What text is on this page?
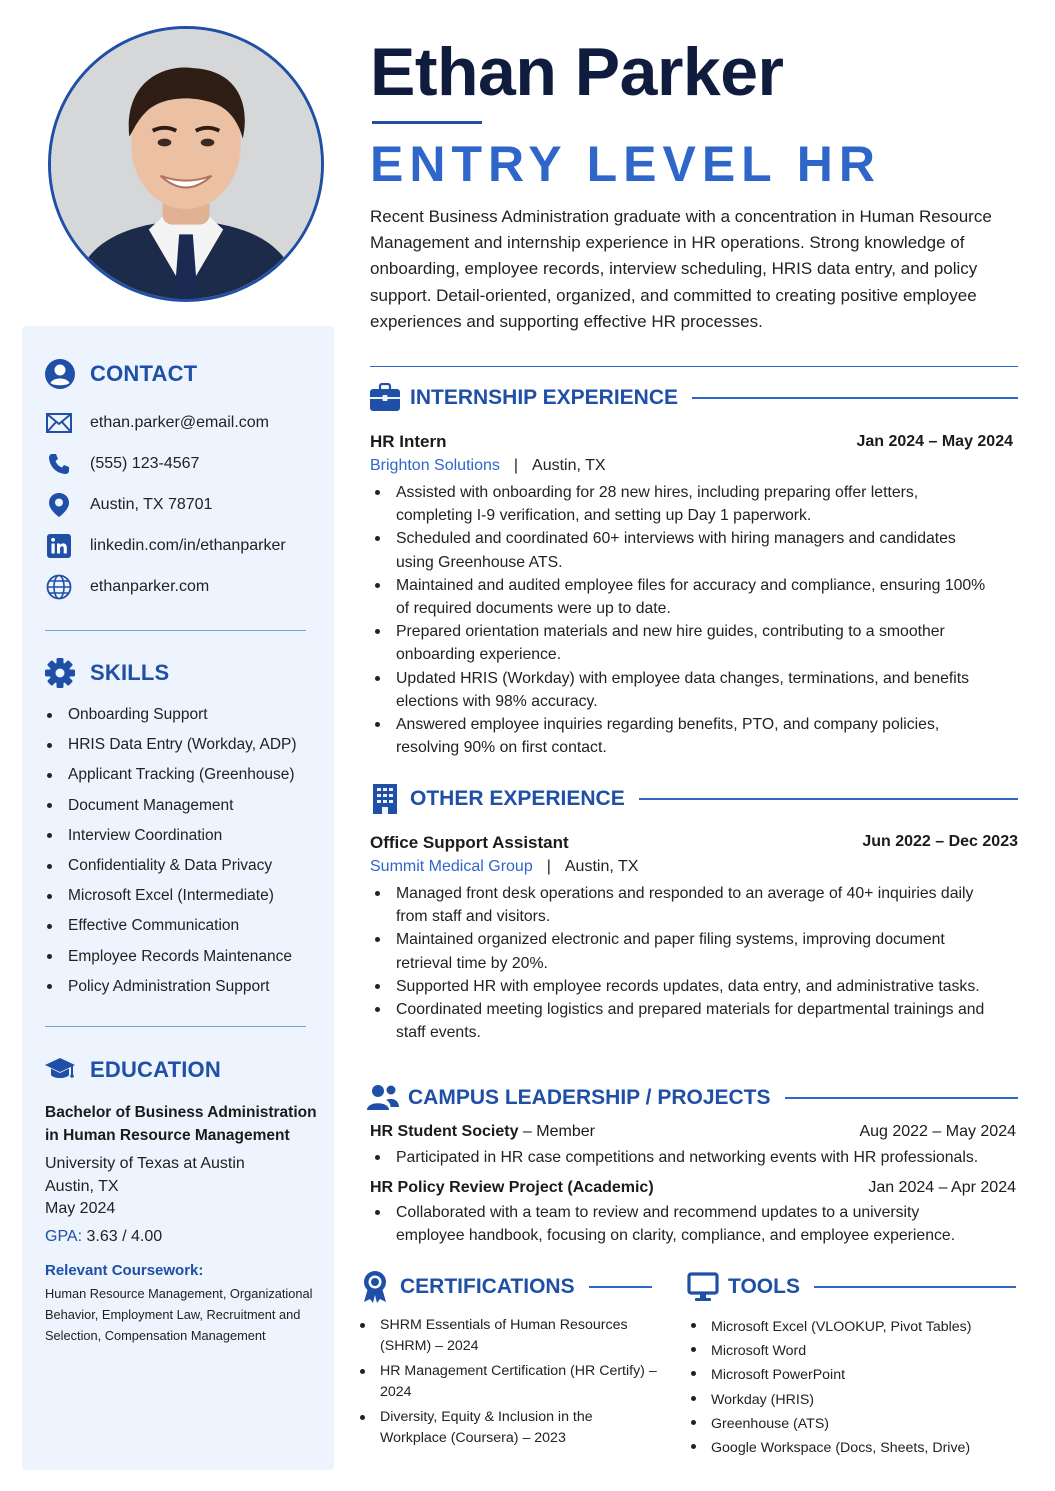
CONTACT
ethan.parker@email.com
(555) 123-4567
Austin, TX 78701
linkedin.com/in/ethanparker
ethanparker.com
SKILLS
Onboarding Support
HRIS Data Entry (Workday, ADP)
Applicant Tracking (Greenhouse)
Document Management
Interview Coordination
Confidentiality & Data Privacy
Microsoft Excel (Intermediate)
Effective Communication
Employee Records Maintenance
Policy Administration Support
EDUCATION
Bachelor of Business Administration in Human Resource Management
University of Texas at Austin
Austin, TX
May 2024
GPA: 3.63 / 4.00
Relevant Coursework:
Human Resource Management, Organizational Behavior, Employment Law, Recruitment and Selection, Compensation Management
Ethan Parker
ENTRY LEVEL HR
Recent Business Administration graduate with a concentration in Human Resource Management and internship experience in HR operations. Strong knowledge of onboarding, employee records, interview scheduling, HRIS data entry, and policy support. Detail-oriented, organized, and committed to creating positive employee experiences and supporting effective HR processes.
INTERNSHIP EXPERIENCE
HR Intern	Jan 2024 – May 2024
Brighton Solutions | Austin, TX
Assisted with onboarding for 28 new hires, including preparing offer letters, completing I-9 verification, and setting up Day 1 paperwork.
Scheduled and coordinated 60+ interviews with hiring managers and candidates using Greenhouse ATS.
Maintained and audited employee files for accuracy and compliance, ensuring 100% of required documents were up to date.
Prepared orientation materials and new hire guides, contributing to a smoother onboarding experience.
Updated HRIS (Workday) with employee data changes, terminations, and benefits elections with 98% accuracy.
Answered employee inquiries regarding benefits, PTO, and company policies, resolving 90% on first contact.
OTHER EXPERIENCE
Office Support Assistant	Jun 2022 – Dec 2023
Summit Medical Group | Austin, TX
Managed front desk operations and responded to an average of 40+ inquiries daily from staff and visitors.
Maintained organized electronic and paper filing systems, improving document retrieval time by 20%.
Supported HR with employee records updates, data entry, and administrative tasks.
Coordinated meeting logistics and prepared materials for departmental trainings and staff events.
CAMPUS LEADERSHIP / PROJECTS
HR Student Society – Member	Aug 2022 – May 2024
Participated in HR case competitions and networking events with HR professionals.
HR Policy Review Project (Academic)	Jan 2024 – Apr 2024
Collaborated with a team to review and recommend updates to a university employee handbook, focusing on clarity, compliance, and employee experience.
CERTIFICATIONS
SHRM Essentials of Human Resources (SHRM) – 2024
HR Management Certification (HR Certify) – 2024
Diversity, Equity & Inclusion in the Workplace (Coursera) – 2023
TOOLS
Microsoft Excel (VLOOKUP, Pivot Tables)
Microsoft Word
Microsoft PowerPoint
Workday (HRIS)
Greenhouse (ATS)
Google Workspace (Docs, Sheets, Drive)
